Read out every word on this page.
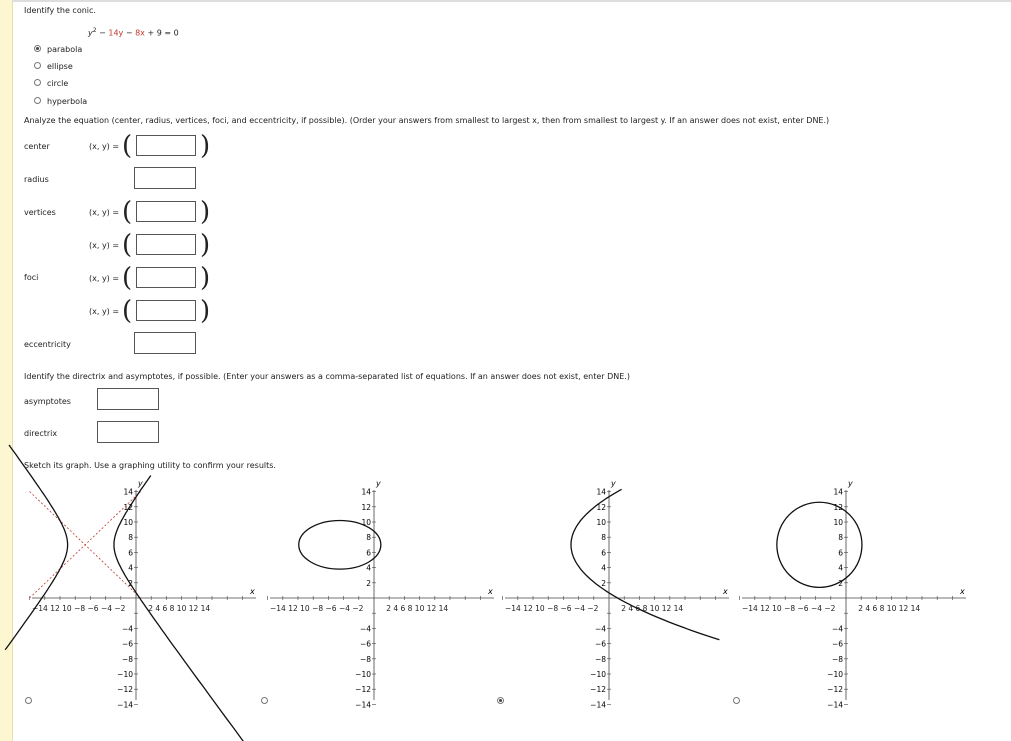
Identify the conic.
$y^2 - 14y - 8x + 9 = 0$
parabola
ellipse
circle
hyperbola
Analyze the equation (center, radius, vertices, foci, and eccentricity, if possible). (Order your answers from smallest to largest x, then from smallest to largest y. If an answer does not exist, enter DNE.)
center	(x, y) = (	)
radius
vertices	(x, y) = (	)
(x, y) = (	)
foci	(x, y) = (	)
(x, y) = (	)
eccentricity
Identify the directrix and asymptotes, if possible. (Enter your answers as a comma-separated list of equations. If an answer does not exist, enter DNE.)
asymptotes
directrix
Sketch its graph. Use a graphing utility to confirm your results.
x
y
−14 12 10 −8 −6 −4 −2	2 4 6 8 10 12 14
14
12
10
8
6
4
2
−4
−6
−8
−10
−12
−14
x
y
−14 12 10 −8 −6 −4 −2	2 4 6 8 10 12 14
14
12
10
8
6
4
2
−4
−6
−8
−10
−12
−14
x
y
−14 12 10 −8 −6 −4 −2	2 4 6 8 10 12 14
14
12
10
8
6
4
2
−4
−6
−8
−10
−12
−14
x
y
−14 12 10 −8 −6 −4 −2	2 4 6 8 10 12 14
14
12
10
8
6
4
2
−4
−6
−8
−10
−12
−14
